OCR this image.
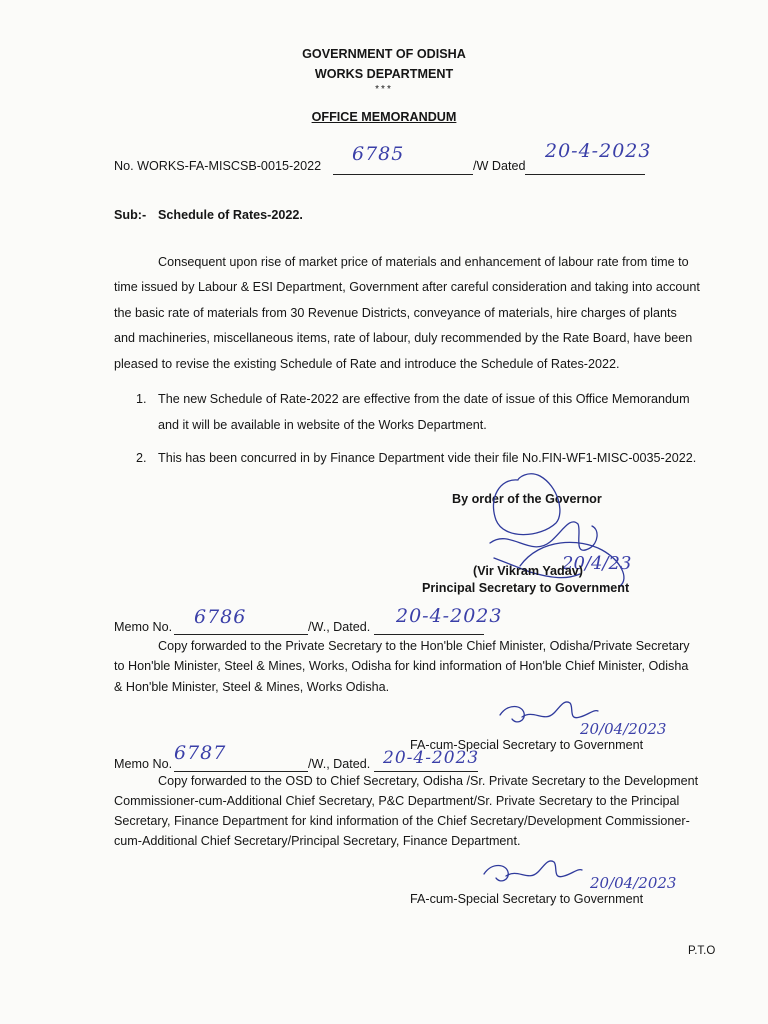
GOVERNMENT OF ODISHA
WORKS DEPARTMENT
***
OFFICE MEMORANDUM
No. WORKS-FA-MISCSB-0015-2022
6785
/W Dated
20-4-2023
Sub:- Schedule of Rates-2022.
Consequent upon rise of market price of materials and enhancement of labour rate from time to
time issued by Labour & ESI Department, Government after careful consideration and taking into account
the basic rate of materials from 30 Revenue Districts, conveyance of materials, hire charges of plants
and machineries, miscellaneous items, rate of labour, duly recommended by the Rate Board, have been
pleased to revise the existing Schedule of Rate and introduce the Schedule of Rates-2022.
1. The new Schedule of Rate-2022 are effective from the date of issue of this Office Memorandum
and it will be available in website of the Works Department.
2. This has been concurred in by Finance Department vide their file No.FIN-WF1-MISC-0035-2022.
By order of the Governor
20/4/23
(Vir Vikram Yadav)
Principal Secretary to Government
Memo No. 6786	/W., Dated. 20-4-2023
Copy forwarded to the Private Secretary to the Hon'ble Chief Minister, Odisha/Private Secretary
to Hon'ble Minister, Steel & Mines, Works, Odisha for kind information of Hon'ble Chief Minister, Odisha
& Hon'ble Minister, Steel & Mines, Works Odisha.
20/04/2023
FA-cum-Special Secretary to Government
Memo No. 6787	/W., Dated. 20-4-2023
Copy forwarded to the OSD to Chief Secretary, Odisha /Sr. Private Secretary to the Development
Commissioner-cum-Additional Chief Secretary, P&C Department/Sr. Private Secretary to the Principal
Secretary, Finance Department for kind information of the Chief Secretary/Development Commissioner-
cum-Additional Chief Secretary/Principal Secretary, Finance Department.
20/04/2023
FA-cum-Special Secretary to Government
P.T.O
